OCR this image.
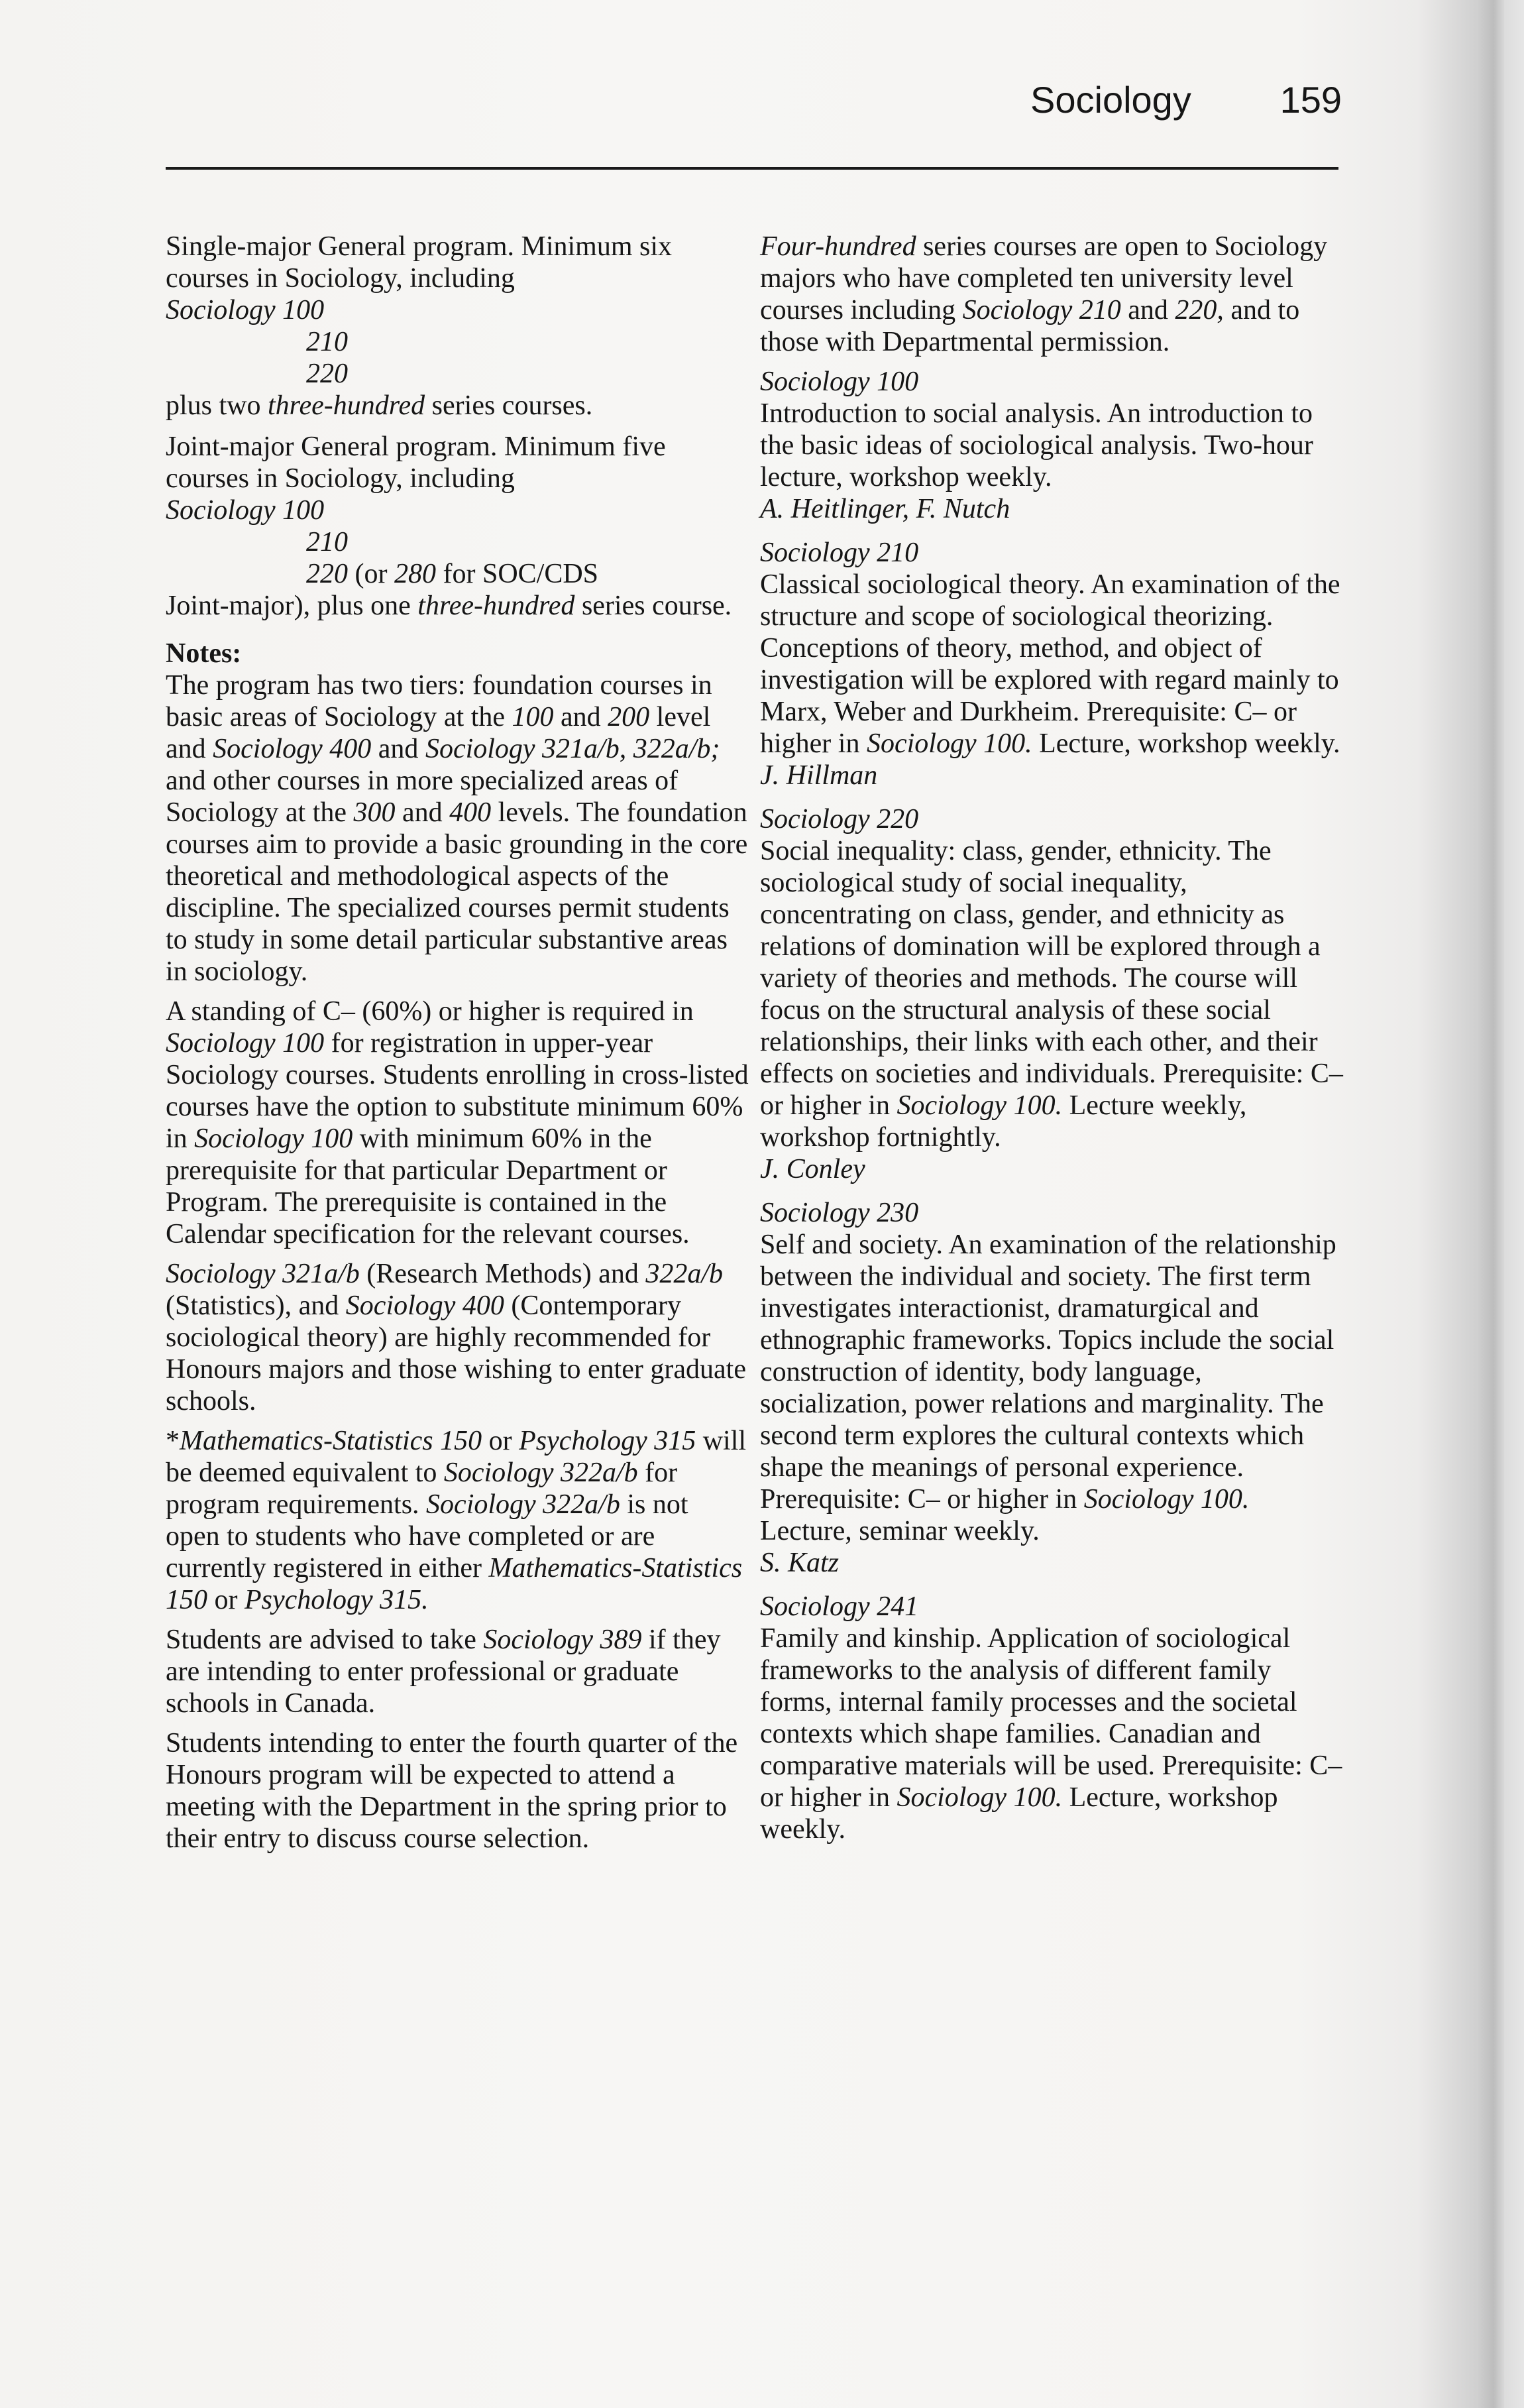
Sociology 159
Single-major General program. Minimum six courses in Sociology, including
Sociology 100
210
220
plus two three-hundred series courses.
Joint-major General program. Minimum five courses in Sociology, including
Sociology 100
210
220 (or 280 for SOC/CDS
Joint-major), plus one three-hundred series course.
Notes:

The program has two tiers: foundation courses in basic areas of Sociology at the 100 and 200 level and Sociology 400 and Sociology 321a/b, 322a/b; and other courses in more specialized areas of Sociology at the 300 and 400 levels. The foundation courses aim to provide a basic grounding in the core theoretical and methodological aspects of the discipline. The specialized courses permit students to study in some detail particular substantive areas in sociology.

A standing of C– (60%) or higher is required in Sociology 100 for registration in upper-year Sociology courses. Students enrolling in cross-listed courses have the option to substitute minimum 60% in Sociology 100 with minimum 60% in the prerequisite for that particular Department or Program. The prerequisite is contained in the Calendar specification for the relevant courses.

Sociology 321a/b (Research Methods) and 322a/b (Statistics), and Sociology 400 (Contemporary sociological theory) are highly recommended for Honours majors and those wishing to enter graduate schools.

*Mathematics-Statistics 150 or Psychology 315 will be deemed equivalent to Sociology 322a/b for program requirements. Sociology 322a/b is not open to students who have completed or are currently registered in either Mathematics-Statistics 150 or Psychology 315.

Students are advised to take Sociology 389 if they are intending to enter professional or graduate schools in Canada.

Students intending to enter the fourth quarter of the Honours program will be expected to attend a meeting with the Department in the spring prior to their entry to discuss course selection.

Four-hundred series courses are open to Sociology majors who have completed ten university level courses including Sociology 210 and 220, and to those with Departmental permission.

Sociology 100
Introduction to social analysis. An introduction to the basic ideas of sociological analysis. Two-hour lecture, workshop weekly.
A. Heitlinger, F. Nutch
Sociology 210
Classical sociological theory. An examination of the structure and scope of sociological theorizing. Conceptions of theory, method, and object of investigation will be explored with regard mainly to Marx, Weber and Durkheim. Prerequisite: C– or higher in Sociology 100. Lecture, workshop weekly.
J. Hillman
Sociology 220
Social inequality: class, gender, ethnicity. The sociological study of social inequality, concentrating on class, gender, and ethnicity as relations of domination will be explored through a variety of theories and methods. The course will focus on the structural analysis of these social relationships, their links with each other, and their effects on societies and individuals. Prerequisite: C– or higher in Sociology 100. Lecture weekly, workshop fortnightly.
J. Conley
Sociology 230
Self and society. An examination of the relationship between the individual and society. The first term investigates interactionist, dramaturgical and ethnographic frameworks. Topics include the social construction of identity, body language, socialization, power relations and marginality. The second term explores the cultural contexts which shape the meanings of personal experience. Prerequisite: C– or higher in Sociology 100. Lecture, seminar weekly.
S. Katz
Sociology 241
Family and kinship. Application of sociological frameworks to the analysis of different family forms, internal family processes and the societal contexts which shape families. Canadian and comparative materials will be used. Prerequisite: C– or higher in Sociology 100. Lecture, workshop weekly.
